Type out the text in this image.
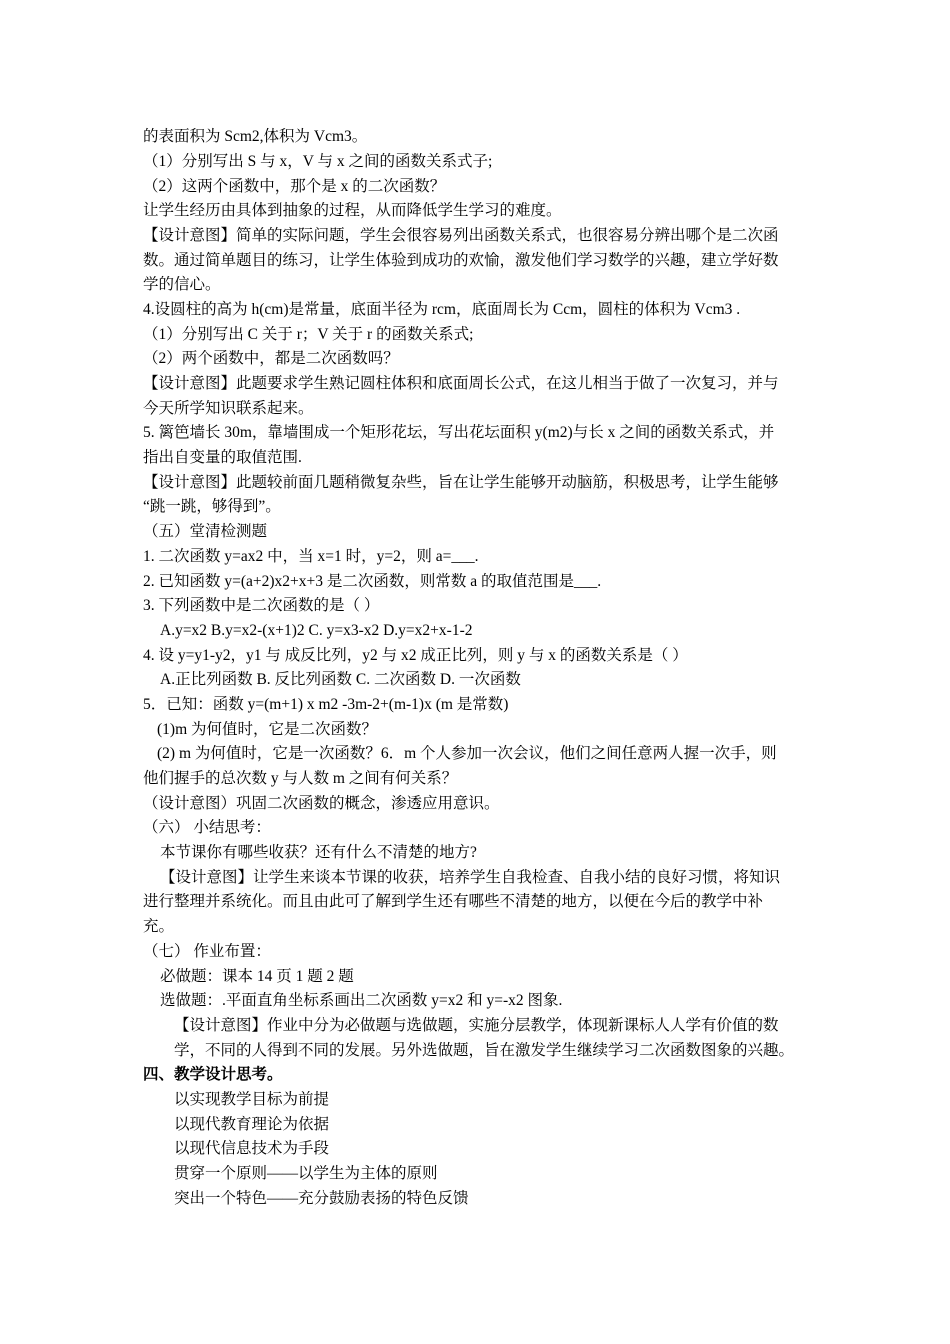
的表面积为 Scm2,体积为 Vcm3。
（1）分别写出 S 与 x，V 与 x 之间的函数关系式子;
（2）这两个函数中，那个是 x 的二次函数？
让学生经历由具体到抽象的过程，从而降低学生学习的难度。
【设计意图】简单的实际问题，学生会很容易列出函数关系式，也很容易分辨出哪个是二次函
数。通过简单题目的练习，让学生体验到成功的欢愉，激发他们学习数学的兴趣，建立学好数
学的信心。
4.设圆柱的高为 h(cm)是常量，底面半径为 rcm，底面周长为 Ccm，圆柱的体积为 Vcm3 .
（1）分别写出 C 关于 r；V 关于 r 的函数关系式;
（2）两个函数中，都是二次函数吗？
【设计意图】此题要求学生熟记圆柱体积和底面周长公式，在这儿相当于做了一次复习，并与
今天所学知识联系起来。
5. 篱笆墙长 30m，靠墙围成一个矩形花坛，写出花坛面积 y(m2)与长 x 之间的函数关系式，并
指出自变量的取值范围.
【设计意图】此题较前面几题稍微复杂些，旨在让学生能够开动脑筋，积极思考，让学生能够
“跳一跳，够得到”。
（五）堂清检测题
1. 二次函数 y=ax2 中，当 x=1 时，y=2，则 a=___.
2. 已知函数 y=(a+2)x2+x+3 是二次函数，则常数 a 的取值范围是___.
3. 下列函数中是二次函数的是（ ）
A.y=x2 B.y=x2-(x+1)2 C. y=x3-x2 D.y=x2+x-1-2
4. 设 y=y1-y2，y1 与 成反比列，y2 与 x2 成正比列，则 y 与 x 的函数关系是（ ）
A.正比列函数 B. 反比列函数 C. 二次函数 D. 一次函数
5．已知：函数 y=(m+1) x m2 -3m-2+(m-1)x (m 是常数)
(1)m 为何值时，它是二次函数？
(2) m 为何值时，它是一次函数？6．m 个人参加一次会议，他们之间任意两人握一次手，则
他们握手的总次数 y 与人数 m 之间有何关系？
（设计意图）巩固二次函数的概念，渗透应用意识。
（六） 小结思考：
本节课你有哪些收获？还有什么不清楚的地方?
【设计意图】让学生来谈本节课的收获，培养学生自我检查、自我小结的良好习惯，将知识
进行整理并系统化。而且由此可了解到学生还有哪些不清楚的地方，以便在今后的教学中补
充。
（七） 作业布置：
必做题：课本 14 页 1 题 2 题
选做题：.平面直角坐标系画出二次函数 y=x2 和 y=-x2 图象.
【设计意图】作业中分为必做题与选做题，实施分层教学，体现新课标人人学有价值的数
学，不同的人得到不同的发展。另外选做题，旨在激发学生继续学习二次函数图象的兴趣。
四、教学设计思考。
以实现教学目标为前提
以现代教育理论为依据
以现代信息技术为手段
贯穿一个原则——以学生为主体的原则
突出一个特色——充分鼓励表扬的特色反馈
